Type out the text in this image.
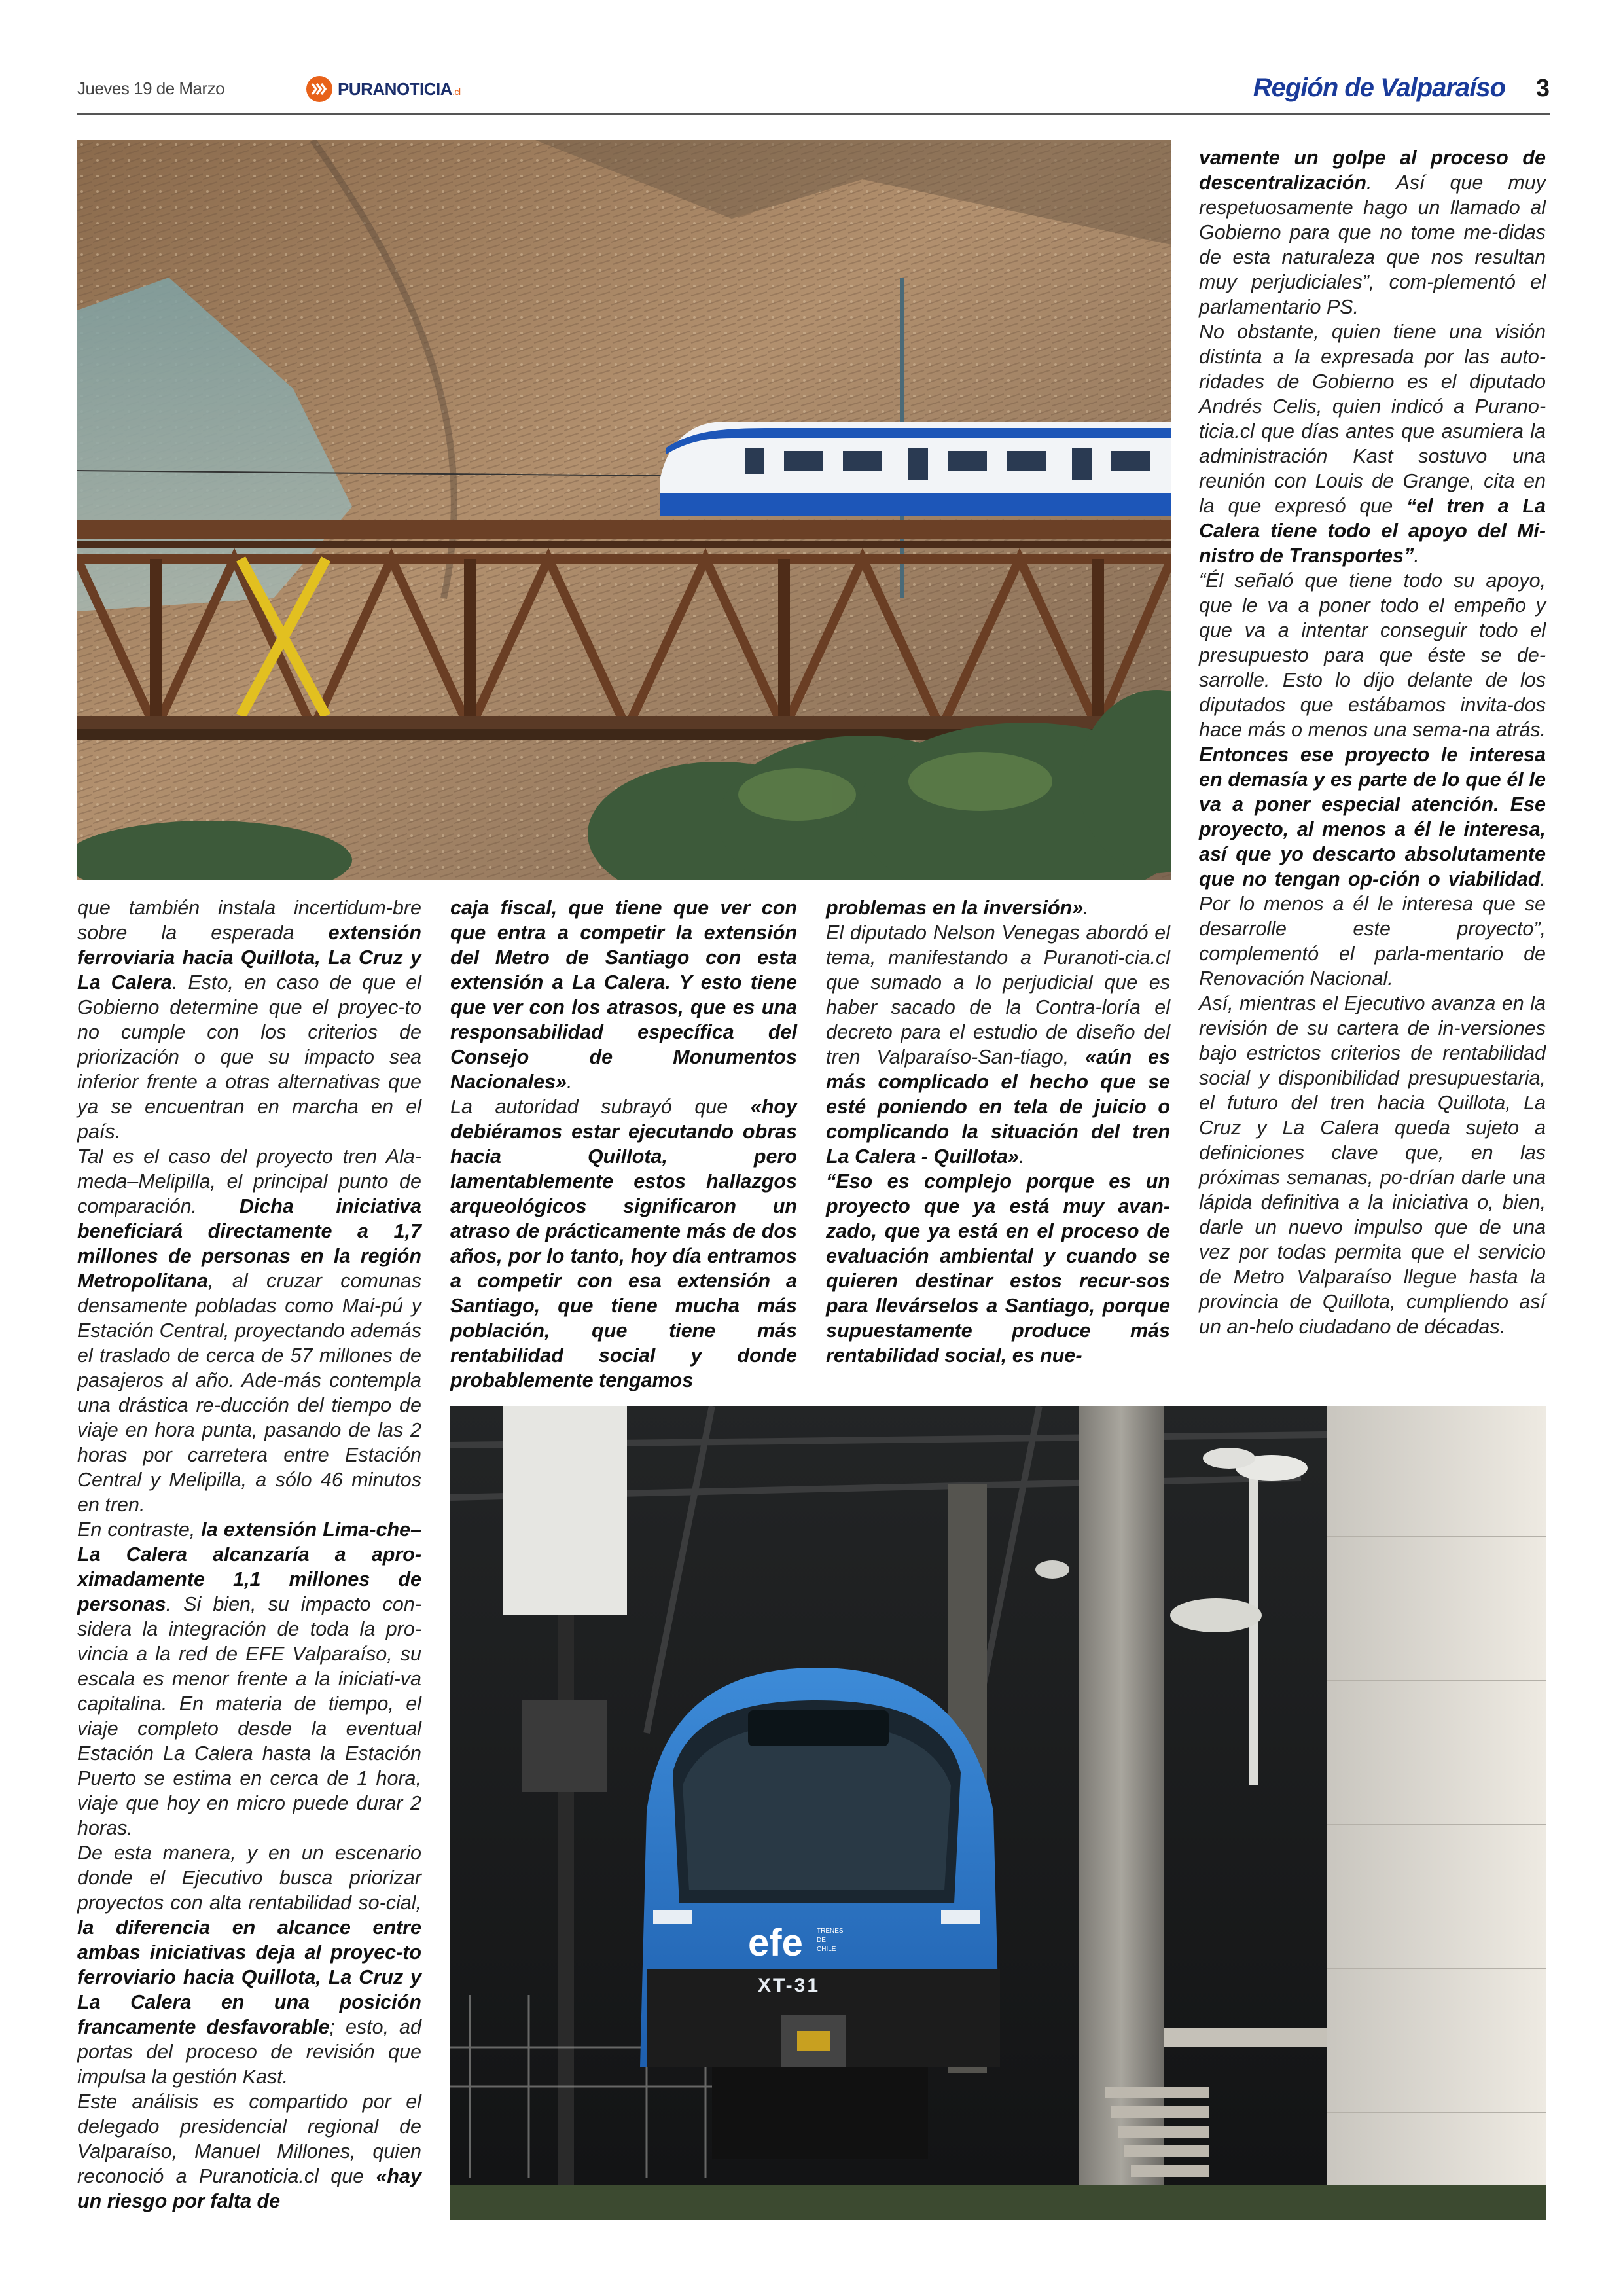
Jueves 19 de Marzo	PURANOTICIA.cl	Región de Valparaíso 3

que también instala incertidum-bre sobre la esperada extensión ferroviaria hacia Quillota, La Cruz y La Calera. Esto, en caso de que el Gobierno determine que el proyec-to no cumple con los criterios de priorización o que su impacto sea inferior frente a otras alternativas que ya se encuentran en marcha en el país.

Tal es el caso del proyecto tren Ala-meda–Melipilla, el principal punto de comparación. Dicha iniciativa beneficiará directamente a 1,7 millones de personas en la región Metropolitana, al cruzar comunas densamente pobladas como Mai-pú y Estación Central, proyectando además el traslado de cerca de 57 millones de pasajeros al año. Ade-más contempla una drástica re-ducción del tiempo de viaje en hora punta, pasando de las 2 horas por carretera entre Estación Central y Melipilla, a sólo 46 minutos en tren.

En contraste, la extensión Lima-che–La Calera alcanzaría a apro-ximadamente 1,1 millones de personas. Si bien, su impacto con-sidera la integración de toda la pro-vincia a la red de EFE Valparaíso, su escala es menor frente a la iniciati-va capitalina. En materia de tiempo, el viaje completo desde la eventual Estación La Calera hasta la Estación Puerto se estima en cerca de 1 hora, viaje que hoy en micro puede durar 2 horas.

De esta manera, y en un escenario donde el Ejecutivo busca priorizar proyectos con alta rentabilidad so-cial, la diferencia en alcance entre ambas iniciativas deja al proyec-to ferroviario hacia Quillota, La Cruz y La Calera en una posición francamente desfavorable; esto, ad portas del proceso de revisión que impulsa la gestión Kast.

Este análisis es compartido por el delegado presidencial regional de Valparaíso, Manuel Millones, quien reconoció a Puranoticia.cl que «hay un riesgo por falta de

caja fiscal, que tiene que ver con que entra a competir la extensión del Metro de Santiago con esta extensión a La Calera. Y esto tiene que ver con los atrasos, que es una responsabilidad específica del Consejo de Monumentos Nacionales».

La autoridad subrayó que «hoy debiéramos estar ejecutando obras hacia Quillota, pero lamentablemente estos hallazgos arqueológicos significaron un atraso de prácticamente más de dos años, por lo tanto, hoy día entramos a competir con esa extensión a Santiago, que tiene mucha más población, que tiene más rentabilidad social y donde probablemente tengamos

problemas en la inversión».

El diputado Nelson Venegas abordó el tema, manifestando a Puranoti-cia.cl que sumado a lo perjudicial que es haber sacado de la Contra-loría el decreto para el estudio de diseño del tren Valparaíso-San-tiago, «aún es más complicado el hecho que se esté poniendo en tela de juicio o complicando la situación del tren La Calera - Quillota».

“Eso es complejo porque es un proyecto que ya está muy avan-zado, que ya está en el proceso de evaluación ambiental y cuando se quieren destinar estos recur-sos para llevárselos a Santiago, porque supuestamente produce más rentabilidad social, es nue-

vamente un golpe al proceso de descentralización. Así que muy respetuosamente hago un llamado al Gobierno para que no tome me-didas de esta naturaleza que nos resultan muy perjudiciales”, com-plementó el parlamentario PS.

No obstante, quien tiene una visión distinta a la expresada por las auto-ridades de Gobierno es el diputado Andrés Celis, quien indicó a Purano-ticia.cl que días antes que asumiera la administración Kast sostuvo una reunión con Louis de Grange, cita en la que expresó que “el tren a La Calera tiene todo el apoyo del Mi-nistro de Transportes”.

“Él señaló que tiene todo su apoyo, que le va a poner todo el empeño y que va a intentar conseguir todo el presupuesto para que éste se de-sarrolle. Esto lo dijo delante de los diputados que estábamos invita-dos hace más o menos una sema-na atrás. Entonces ese proyecto le interesa en demasía y es parte de lo que él le va a poner especial atención. Ese proyecto, al menos a él le interesa, así que yo descarto absolutamente que no tengan op-ción o viabilidad. Por lo menos a él le interesa que se desarrolle este proyecto”, complementó el parla-mentario de Renovación Nacional.

Así, mientras el Ejecutivo avanza en la revisión de su cartera de in-versiones bajo estrictos criterios de rentabilidad social y disponibilidad presupuestaria, el futuro del tren hacia Quillota, La Cruz y La Calera queda sujeto a definiciones clave que, en las próximas semanas, po-drían darle una lápida definitiva a la iniciativa o, bien, darle un nuevo impulso que de una vez por todas permita que el servicio de Metro Valparaíso llegue hasta la provincia de Quillota, cumpliendo así un an-helo ciudadano de décadas.

efe TRENES
DE
CHILE
XT-31
